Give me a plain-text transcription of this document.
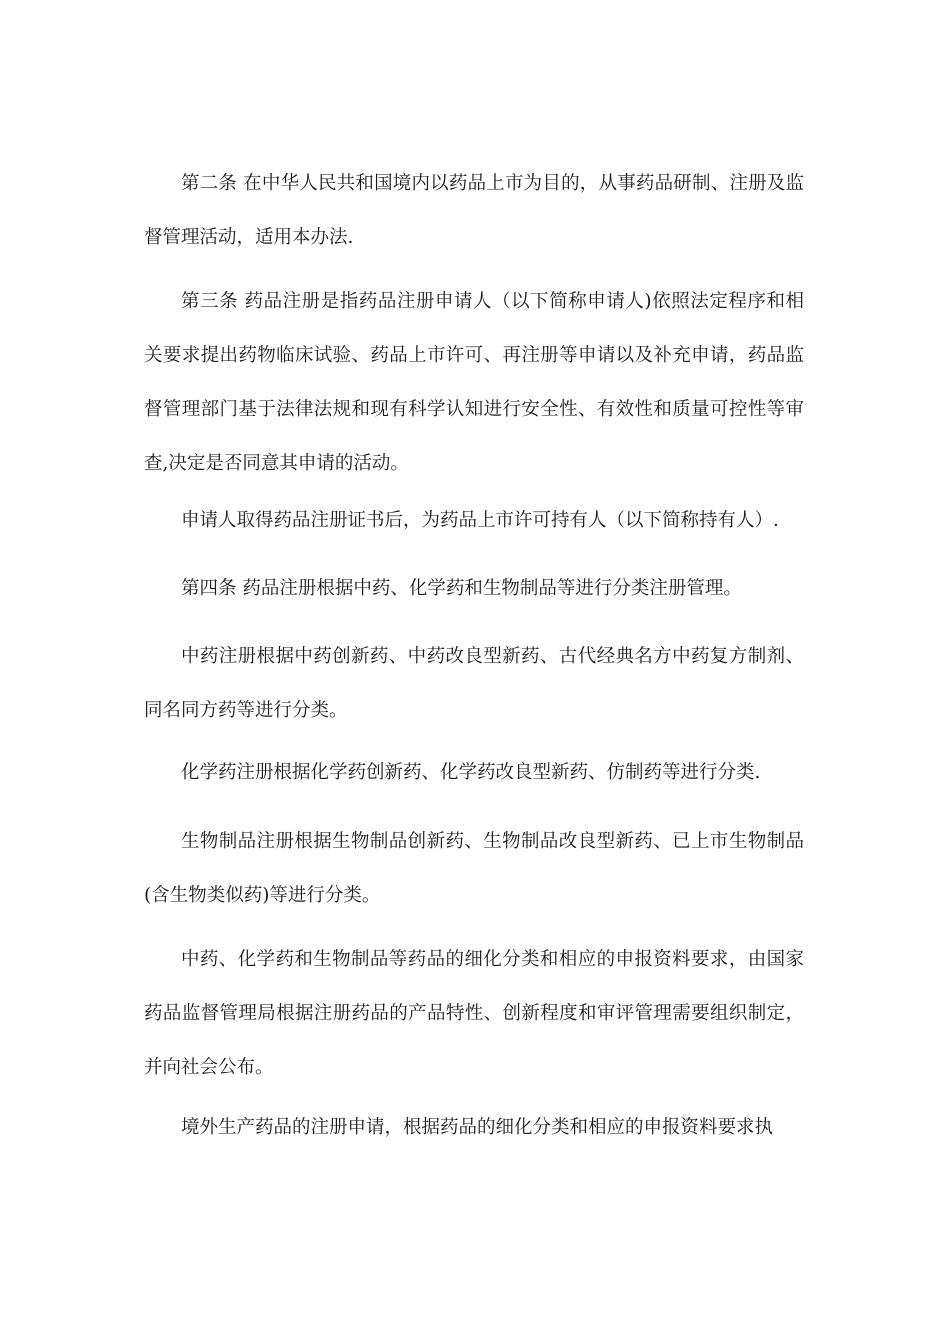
第二条 在中华人民共和国境内以药品上市为目的，从事药品研制、注册及监督管理活动，适用本办法.

第三条 药品注册是指药品注册申请人（以下简称申请人)依照法定程序和相关要求提出药物临床试验、药品上市许可、再注册等申请以及补充申请，药品监督管理部门基于法律法规和现有科学认知进行安全性、有效性和质量可控性等审查,决定是否同意其申请的活动。

申请人取得药品注册证书后，为药品上市许可持有人（以下简称持有人）.

第四条 药品注册根据中药、化学药和生物制品等进行分类注册管理。

中药注册根据中药创新药、中药改良型新药、古代经典名方中药复方制剂、同名同方药等进行分类。

化学药注册根据化学药创新药、化学药改良型新药、仿制药等进行分类.

生物制品注册根据生物制品创新药、生物制品改良型新药、已上市生物制品(含生物类似药)等进行分类。

中药、化学药和生物制品等药品的细化分类和相应的申报资料要求，由国家药品监督管理局根据注册药品的产品特性、创新程度和审评管理需要组织制定，并向社会公布。

境外生产药品的注册申请，根据药品的细化分类和相应的申报资料要求执
